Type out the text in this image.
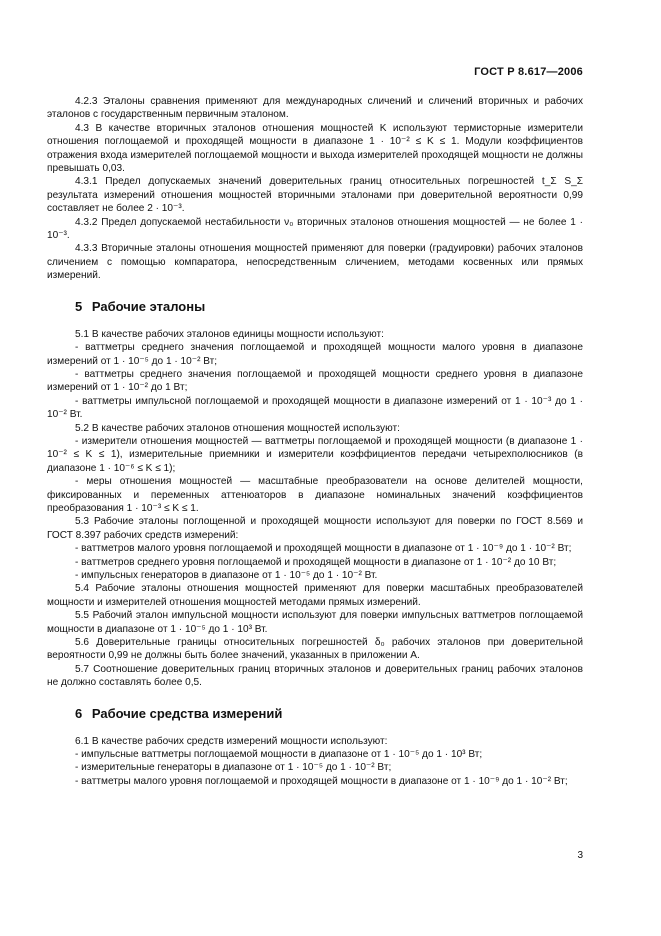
ГОСТ Р 8.617—2006

4.2.3 Эталоны сравнения применяют для международных сличений и сличений вторичных и рабочих эталонов с государственным первичным эталоном.

4.3 В качестве вторичных эталонов отношения мощностей K используют термисторные измерители отношения поглощаемой и проходящей мощности в диапазоне 1 · 10⁻² ≤ K ≤ 1. Модули коэффициентов отражения входа измерителей поглощаемой мощности и выхода измерителей проходящей мощности не должны превышать 0,03.

4.3.1 Предел допускаемых значений доверительных границ относительных погрешностей t_Σ S_Σ результата измерений отношения мощностей вторичными эталонами при доверительной вероятности 0,99 составляет не более 2 · 10⁻³.

4.3.2 Предел допускаемой нестабильности ν₀ вторичных эталонов отношения мощностей — не более 1 · 10⁻³.

4.3.3 Вторичные эталоны отношения мощностей применяют для поверки (градуировки) рабочих эталонов сличением с помощью компаратора, непосредственным сличением, методами косвенных или прямых измерений.

5 Рабочие эталоны

5.1 В качестве рабочих эталонов единицы мощности используют:

- ваттметры среднего значения поглощаемой и проходящей мощности малого уровня в диапазоне измерений от 1 · 10⁻⁵ до 1 · 10⁻² Вт;

- ваттметры среднего значения поглощаемой и проходящей мощности среднего уровня в диапазоне измерений от 1 · 10⁻² до 1 Вт;

- ваттметры импульсной поглощаемой и проходящей мощности в диапазоне измерений от 1 · 10⁻³ до 1 · 10⁻² Вт.

5.2 В качестве рабочих эталонов отношения мощностей используют:

- измерители отношения мощностей — ваттметры поглощаемой и проходящей мощности (в диапазоне 1 · 10⁻² ≤ K ≤ 1), измерительные приемники и измерители коэффициентов передачи четырехполюсников (в диапазоне 1 · 10⁻⁶ ≤ K ≤ 1);

- меры отношения мощностей — масштабные преобразователи на основе делителей мощности, фиксированных и переменных аттенюаторов в диапазоне номинальных значений коэффициентов преобразования 1 · 10⁻³ ≤ K ≤ 1.

5.3 Рабочие эталоны поглощенной и проходящей мощности используют для поверки по ГОСТ 8.569 и ГОСТ 8.397 рабочих средств измерений:

- ваттметров малого уровня поглощаемой и проходящей мощности в диапазоне от 1 · 10⁻⁹ до 1 · 10⁻² Вт;

- ваттметров среднего уровня поглощаемой и проходящей мощности в диапазоне от 1 · 10⁻² до 10 Вт;

- импульсных генераторов в диапазоне от 1 · 10⁻⁵ до 1 · 10⁻² Вт.

5.4 Рабочие эталоны отношения мощностей применяют для поверки масштабных преобразователей мощности и измерителей отношения мощностей методами прямых измерений.

5.5 Рабочий эталон импульсной мощности используют для поверки импульсных ваттметров поглощаемой мощности в диапазоне от 1 · 10⁻⁵ до 1 · 10³ Вт.

5.6 Доверительные границы относительных погрешностей δ₀ рабочих эталонов при доверительной вероятности 0,99 не должны быть более значений, указанных в приложении А.

5.7 Соотношение доверительных границ вторичных эталонов и доверительных границ рабочих эталонов не должно составлять более 0,5.

6 Рабочие средства измерений

6.1 В качестве рабочих средств измерений мощности используют:

- импульсные ваттметры поглощаемой мощности в диапазоне от 1 · 10⁻⁵ до 1 · 10³ Вт;

- измерительные генераторы в диапазоне от 1 · 10⁻⁵ до 1 · 10⁻² Вт;

- ваттметры малого уровня поглощаемой и проходящей мощности в диапазоне от 1 · 10⁻⁹ до 1 · 10⁻² Вт;

3
